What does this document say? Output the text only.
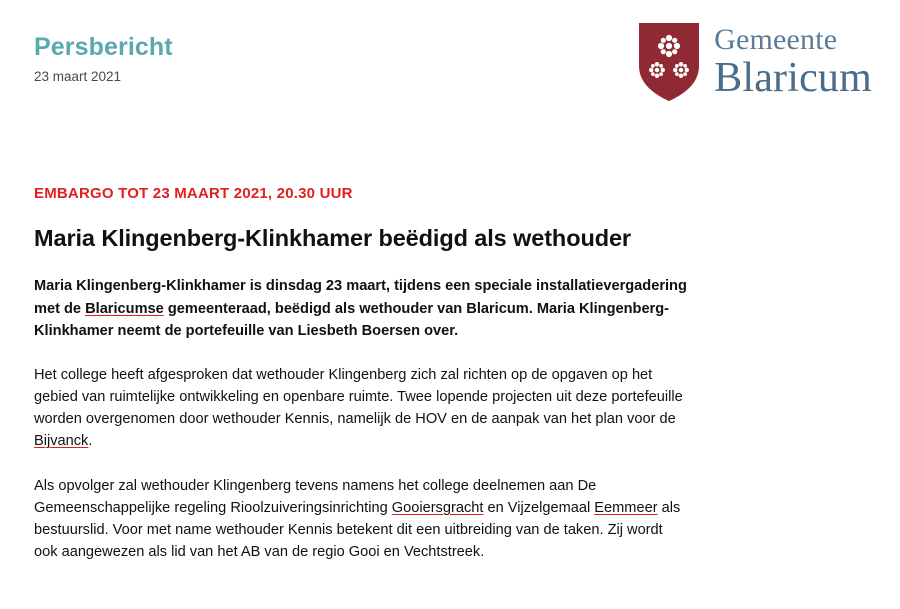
Persbericht
23 maart 2021
Gemeente
Blaricum
EMBARGO TOT 23 MAART 2021, 20.30 UUR
Maria Klingenberg-Klinkhamer beëdigd als wethouder

Maria Klingenberg-Klinkhamer is dinsdag 23 maart, tijdens een speciale installatievergadering met de Blaricumse gemeenteraad, beëdigd als wethouder van Blaricum. Maria Klingenberg-Klinkhamer neemt de portefeuille van Liesbeth Boersen over.

Het college heeft afgesproken dat wethouder Klingenberg zich zal richten op de opgaven op het gebied van ruimtelijke ontwikkeling en openbare ruimte. Twee lopende projecten uit deze portefeuille worden overgenomen door wethouder Kennis, namelijk de HOV en de aanpak van het plan voor de Bijvanck.

Als opvolger zal wethouder Klingenberg tevens namens het college deelnemen aan De Gemeenschappelijke regeling Rioolzuiveringsinrichting Gooiersgracht en Vijzelgemaal Eemmeer als bestuurslid. Voor met name wethouder Kennis betekent dit een uitbreiding van de taken. Zij wordt ook aangewezen als lid van het AB van de regio Gooi en Vechtstreek.
